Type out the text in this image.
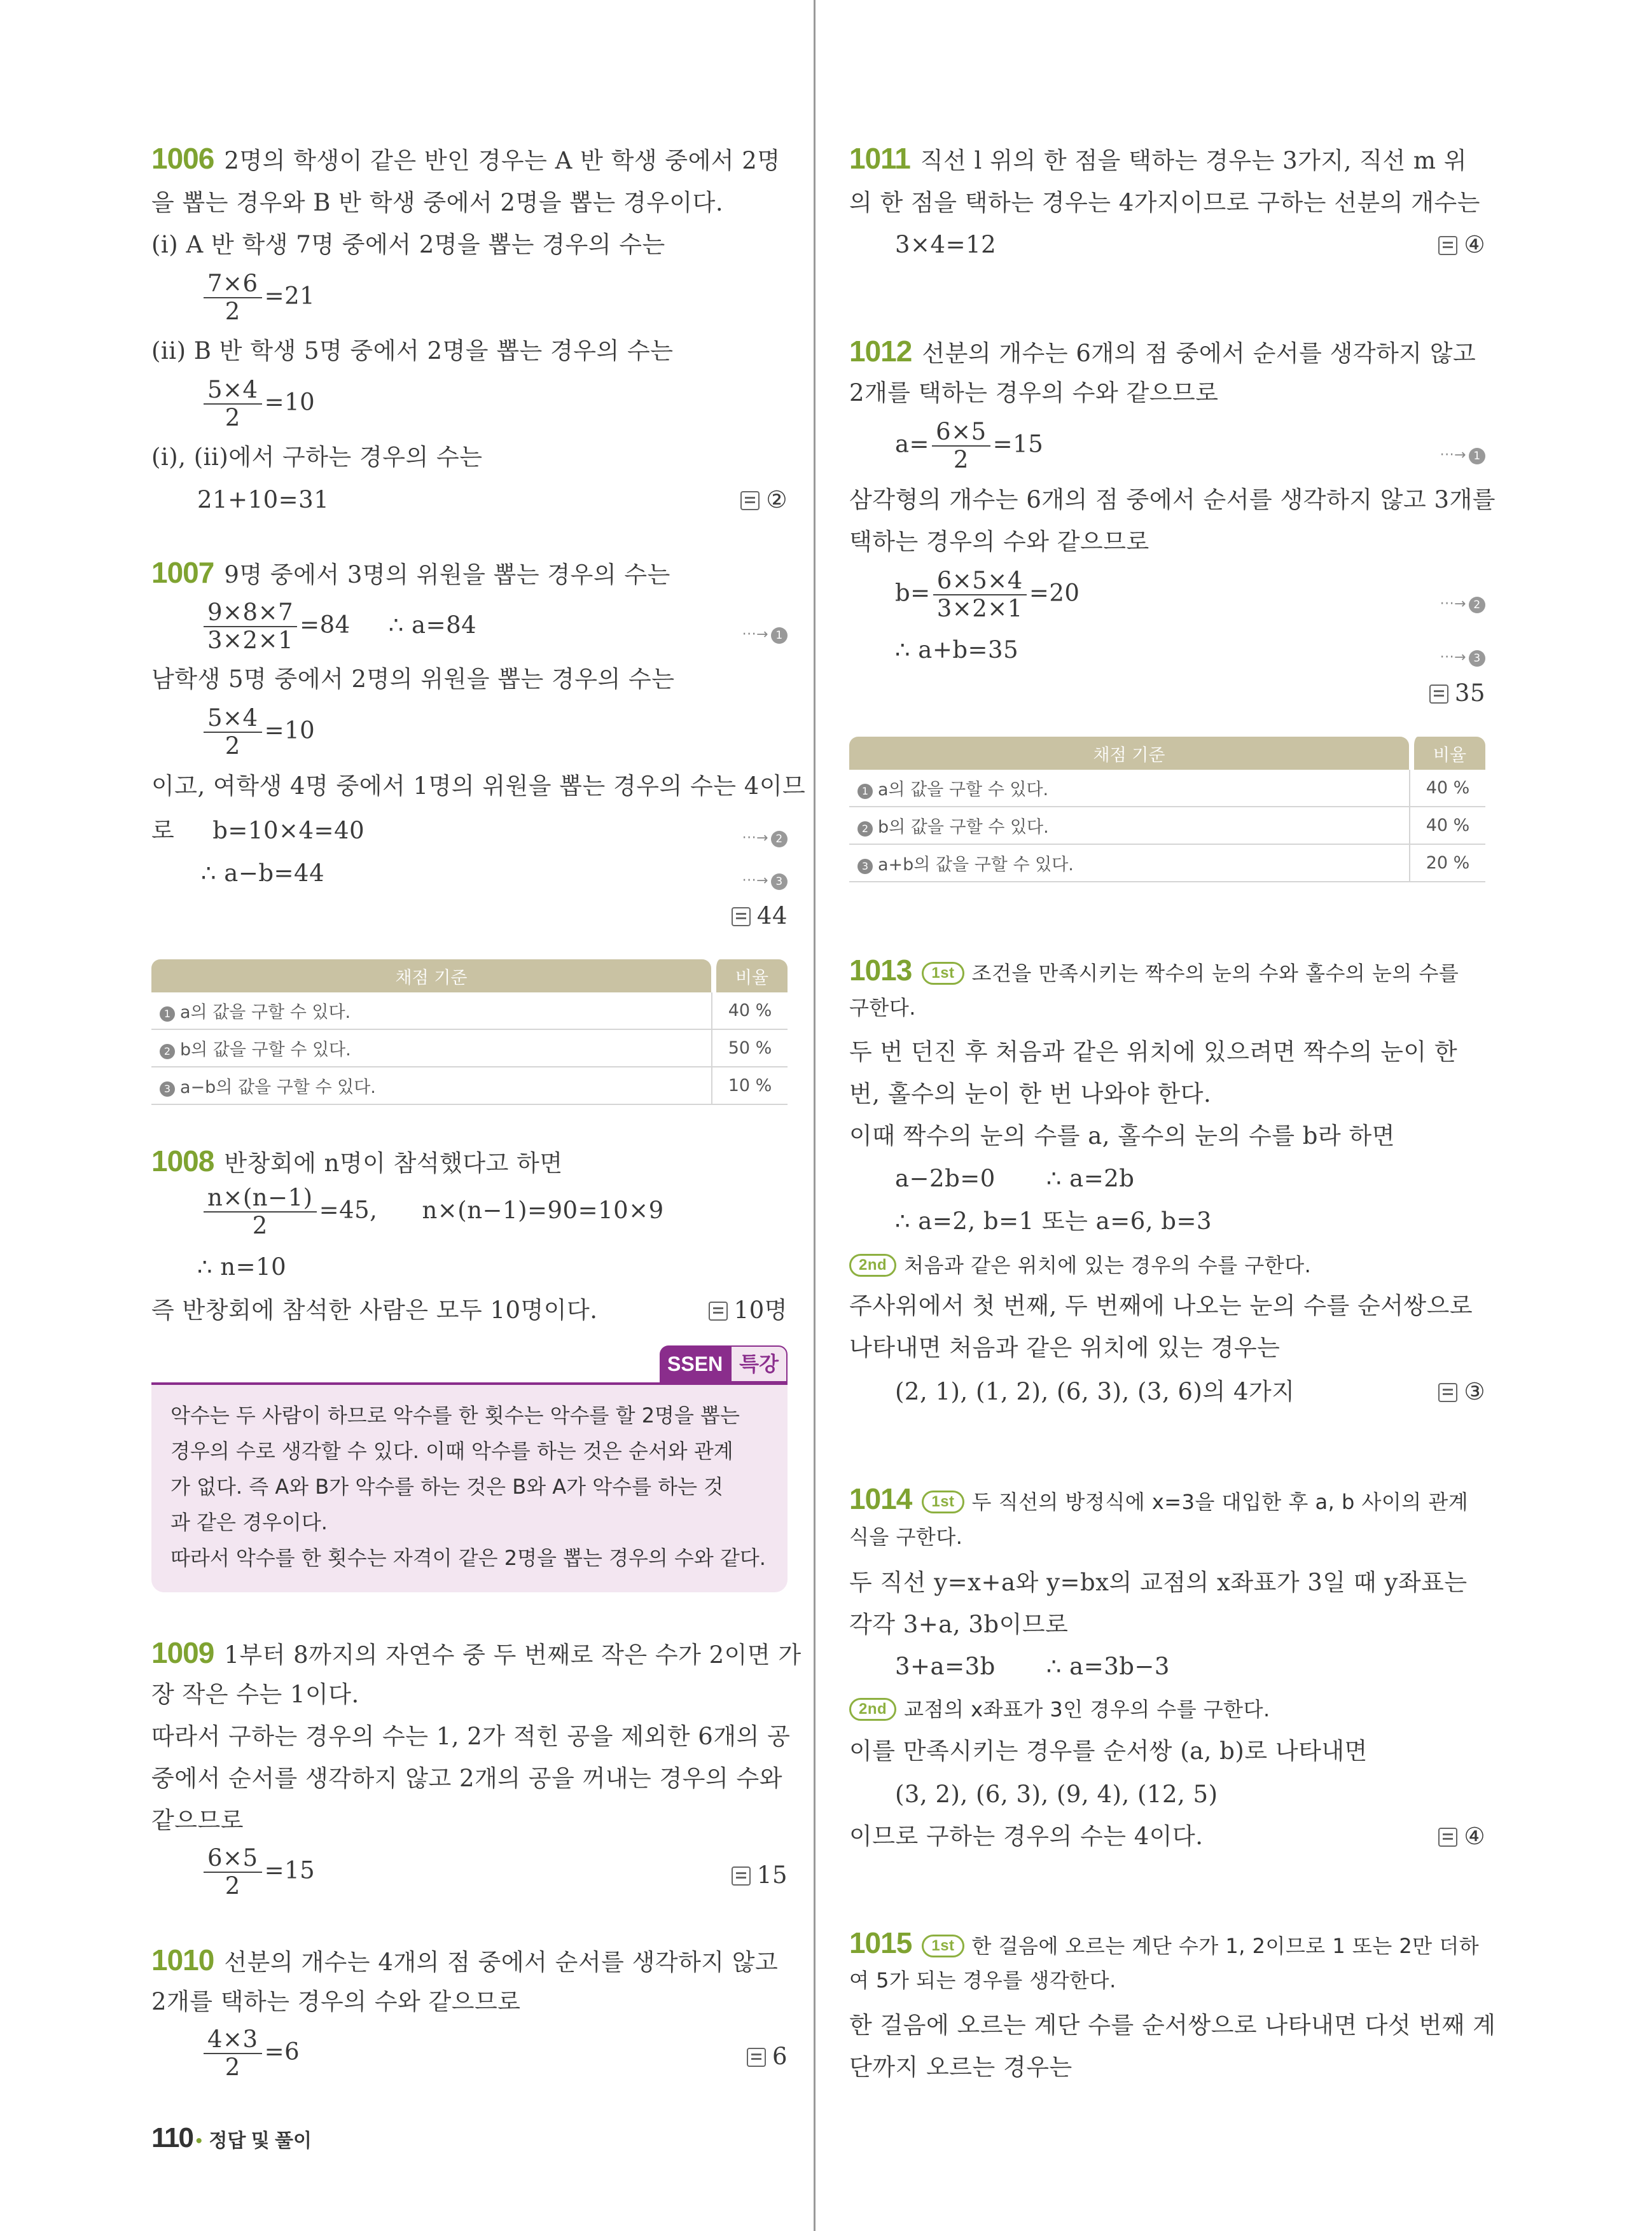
1006 2명의 학생이 같은 반인 경우는 A 반 학생 중에서 2명
을 뽑는 경우와 B 반 학생 중에서 2명을 뽑는 경우이다.
(i) A 반 학생 7명 중에서 2명을 뽑는 경우의 수는
$\frac{7\times 6}{2} =21$
(ii) B 반 학생 5명 중에서 2명을 뽑는 경우의 수는
$\frac{5\times 4}{2} =10$
(i), (ii)에서 구하는 경우의 수는
21+10=31	②
1007 9명 중에서 3명의 위원을 뽑는 경우의 수는
$\frac{9\times 8\times 7}{3\times 2\times 1} =84$ ∴ a=84	···→ 1
남학생 5명 중에서 2명의 위원을 뽑는 경우의 수는
$\frac{5\times 4}{2} =10$
이고, 여학생 4명 중에서 1명의 위원을 뽑는 경우의 수는 4이므
로 b=10×4=40	···→ 2
∴ a−b=44	···→ 3
44
채점 기준	비율
1 a의 값을 구할 수 있다.	40 %
2 b의 값을 구할 수 있다.	50 %
3 a−b의 값을 구할 수 있다.	10 %
1008 반창회에 n명이 참석했다고 하면
$\frac{n\times(n-1)}{2} =45$, n×(n−1)=90=10×9
∴ n=10
즉 반창회에 참석한 사람은 모두 10명이다.	10명
SSEN 특강
악수는 두 사람이 하므로 악수를 한 횟수는 악수를 할 2명을 뽑는
경우의 수로 생각할 수 있다. 이때 악수를 하는 것은 순서와 관계
가 없다. 즉 A와 B가 악수를 하는 것은 B와 A가 악수를 하는 것
과 같은 경우이다.
따라서 악수를 한 횟수는 자격이 같은 2명을 뽑는 경우의 수와 같다.
1009 1부터 8까지의 자연수 중 두 번째로 작은 수가 2이면 가
장 작은 수는 1이다.
따라서 구하는 경우의 수는 1, 2가 적힌 공을 제외한 6개의 공
중에서 순서를 생각하지 않고 2개의 공을 꺼내는 경우의 수와
같으므로
$\frac{6\times 5}{2} =15$	15
1010 선분의 개수는 4개의 점 중에서 순서를 생각하지 않고
2개를 택하는 경우의 수와 같으므로
$\frac{4\times 3}{2} =6$	6
1011 직선 l 위의 한 점을 택하는 경우는 3가지, 직선 m 위
의 한 점을 택하는 경우는 4가지이므로 구하는 선분의 개수는
3×4=12	④
1012 선분의 개수는 6개의 점 중에서 순서를 생각하지 않고
2개를 택하는 경우의 수와 같으므로
$a= \frac{6\times 5}{2} =15$	···→ 1
삼각형의 개수는 6개의 점 중에서 순서를 생각하지 않고 3개를
택하는 경우의 수와 같으므로
$b= \frac{6\times 5\times 4}{3\times 2\times 1} =20$	···→ 2
∴ a+b=35	···→ 3
35
채점 기준	비율
1 a의 값을 구할 수 있다.	40 %
2 b의 값을 구할 수 있다.	40 %
3 a+b의 값을 구할 수 있다.	20 %
1013 1st 조건을 만족시키는 짝수의 눈의 수와 홀수의 눈의 수를
구한다.
두 번 던진 후 처음과 같은 위치에 있으려면 짝수의 눈이 한
번, 홀수의 눈이 한 번 나와야 한다.
이때 짝수의 눈의 수를 a, 홀수의 눈의 수를 b라 하면
a−2b=0 ∴ a=2b
∴ a=2, b=1 또는 a=6, b=3
2nd 처음과 같은 위치에 있는 경우의 수를 구한다.
주사위에서 첫 번째, 두 번째에 나오는 눈의 수를 순서쌍으로
나타내면 처음과 같은 위치에 있는 경우는
(2, 1), (1, 2), (6, 3), (3, 6)의 4가지	③
1014 1st 두 직선의 방정식에 x=3을 대입한 후 a, b 사이의 관계
식을 구한다.
두 직선 y=x+a와 y=bx의 교점의 x좌표가 3일 때 y좌표는
각각 3+a, 3b이므로
3+a=3b ∴ a=3b−3
2nd 교점의 x좌표가 3인 경우의 수를 구한다.
이를 만족시키는 경우를 순서쌍 (a, b)로 나타내면
(3, 2), (6, 3), (9, 4), (12, 5)
이므로 구하는 경우의 수는 4이다.	④
1015 1st 한 걸음에 오르는 계단 수가 1, 2이므로 1 또는 2만 더하
여 5가 되는 경우를 생각한다.
한 걸음에 오르는 계단 수를 순서쌍으로 나타내면 다섯 번째 계
단까지 오르는 경우는
110 • 정답 및 풀이
